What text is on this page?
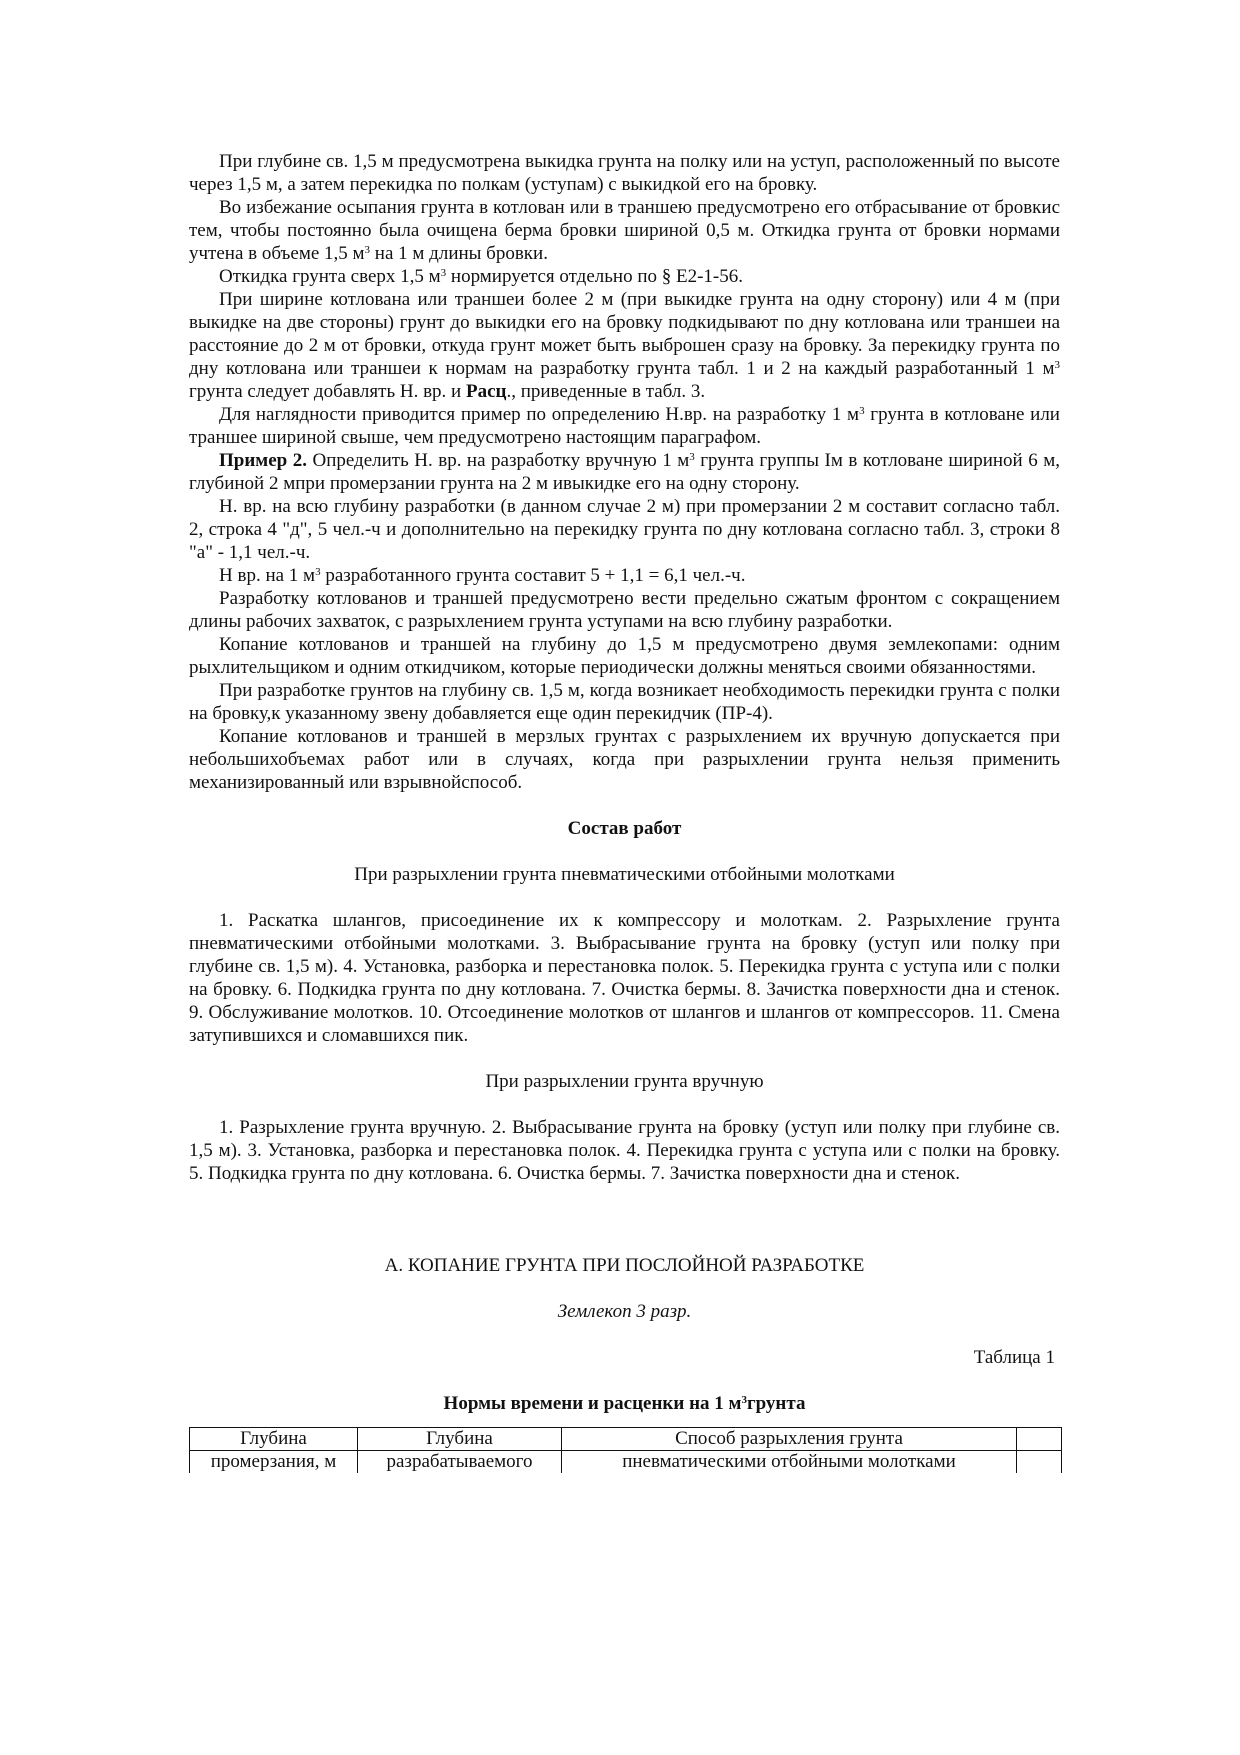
При глубине св. 1,5 м предусмотрена выкидка грунта на полку или на уступ, расположенный по высоте через 1,5 м, а затем перекидка по полкам (уступам) с выкидкой его на бровку.

Во избежание осыпания грунта в котлован или в траншею предусмотрено его отбрасывание от бровкис тем, чтобы постоянно была очищена берма бровки шириной 0,5 м. Откидка грунта от бровки нормами учтена в объеме 1,5 $м^3$ на 1 м длины бровки.

Откидка грунта сверх 1,5 $м^3$ нормируется отдельно по § Е2-1-56.

При ширине котлована или траншеи более 2 м (при выкидке грунта на одну сторону) или 4 м (при выкидке на две стороны) грунт до выкидки его на бровку подкидывают по дну котлована или траншеи на расстояние до 2 м от бровки, откуда грунт может быть выброшен сразу на бровку. За перекидку грунта по дну котлована или траншеи к нормам на разработку грунта табл. 1 и 2 на каждый разработанный 1 $м^3$ грунта следует добавлять Н. вр. и Расц., приведенные в табл. 3.

Для наглядности приводится пример по определению Н.вр. на разработку 1 $м^3$ грунта в котловане или траншее шириной свыше, чем предусмотрено настоящим параграфом.

Пример 2. Определить Н. вр. на разработку вручную 1 $м^3$ грунта группы Iм в котловане шириной 6 м, глубиной 2 мпри промерзании грунта на 2 м ивыкидке его на одну сторону.

Н. вр. на всю глубину разработки (в данном случае 2 м) при промерзании 2 м составит согласно табл. 2, строка 4 "д", 5 чел.-ч и дополнительно на перекидку грунта по дну котлована согласно табл. 3, строки 8 "а" - 1,1 чел.-ч.

Н вр. на 1 $м^3$ разработанного грунта составит 5 + 1,1 = 6,1 чел.-ч.

Разработку котлованов и траншей предусмотрено вести предельно сжатым фронтом с сокращением длины рабочих захваток, с разрыхлением грунта уступами на всю глубину разработки.

Копание котлованов и траншей на глубину до 1,5 м предусмотрено двумя землекопами: одним рыхлительщиком и одним откидчиком, которые периодически должны меняться своими обязанностями.

При разработке грунтов на глубину св. 1,5 м, когда возникает необходимость перекидки грунта с полки на бровку,к указанному звену добавляется еще один перекидчик (ПР-4).

Копание котлованов и траншей в мерзлых грунтах с разрыхлением их вручную допускается при небольшихобъемах работ или в случаях, когда при разрыхлении грунта нельзя применить механизированный или взрывнойспособ.

Состав работ

При разрыхлении грунта пневматическими отбойными молотками

1. Раскатка шлангов, присоединение их к компрессору и молоткам. 2. Разрыхление грунта пневматическими отбойными молотками. 3. Выбрасывание грунта на бровку (уступ или полку при глубине св. 1,5 м). 4. Установка, разборка и перестановка полок. 5. Перекидка грунта с уступа или с полки на бровку. 6. Подкидка грунта по дну котлована. 7. Очистка бермы. 8. Зачистка поверхности дна и стенок. 9. Обслуживание молотков. 10. Отсоединение молотков от шлангов и шлангов от компрессоров. 11. Смена затупившихся и сломавшихся пик.

При разрыхлении грунта вручную

1. Разрыхление грунта вручную. 2. Выбрасывание грунта на бровку (уступ или полку при глубине св. 1,5 м). 3. Установка, разборка и перестановка полок. 4. Перекидка грунта с уступа или с полки на бровку. 5. Подкидка грунта по дну котлована. 6. Очистка бермы. 7. Зачистка поверхности дна и стенок.

А. КОПАНИЕ ГРУНТА ПРИ ПОСЛОЙНОЙ РАЗРАБОТКЕ

Землекоп 3 разр.

Таблица 1

Нормы времени и расценки на 1 $м^3грунта$

Глубина	Глубина	Способ разрыхления грунта	
промерзания, м	разрабатываемого	пневматическими отбойными молотками	
